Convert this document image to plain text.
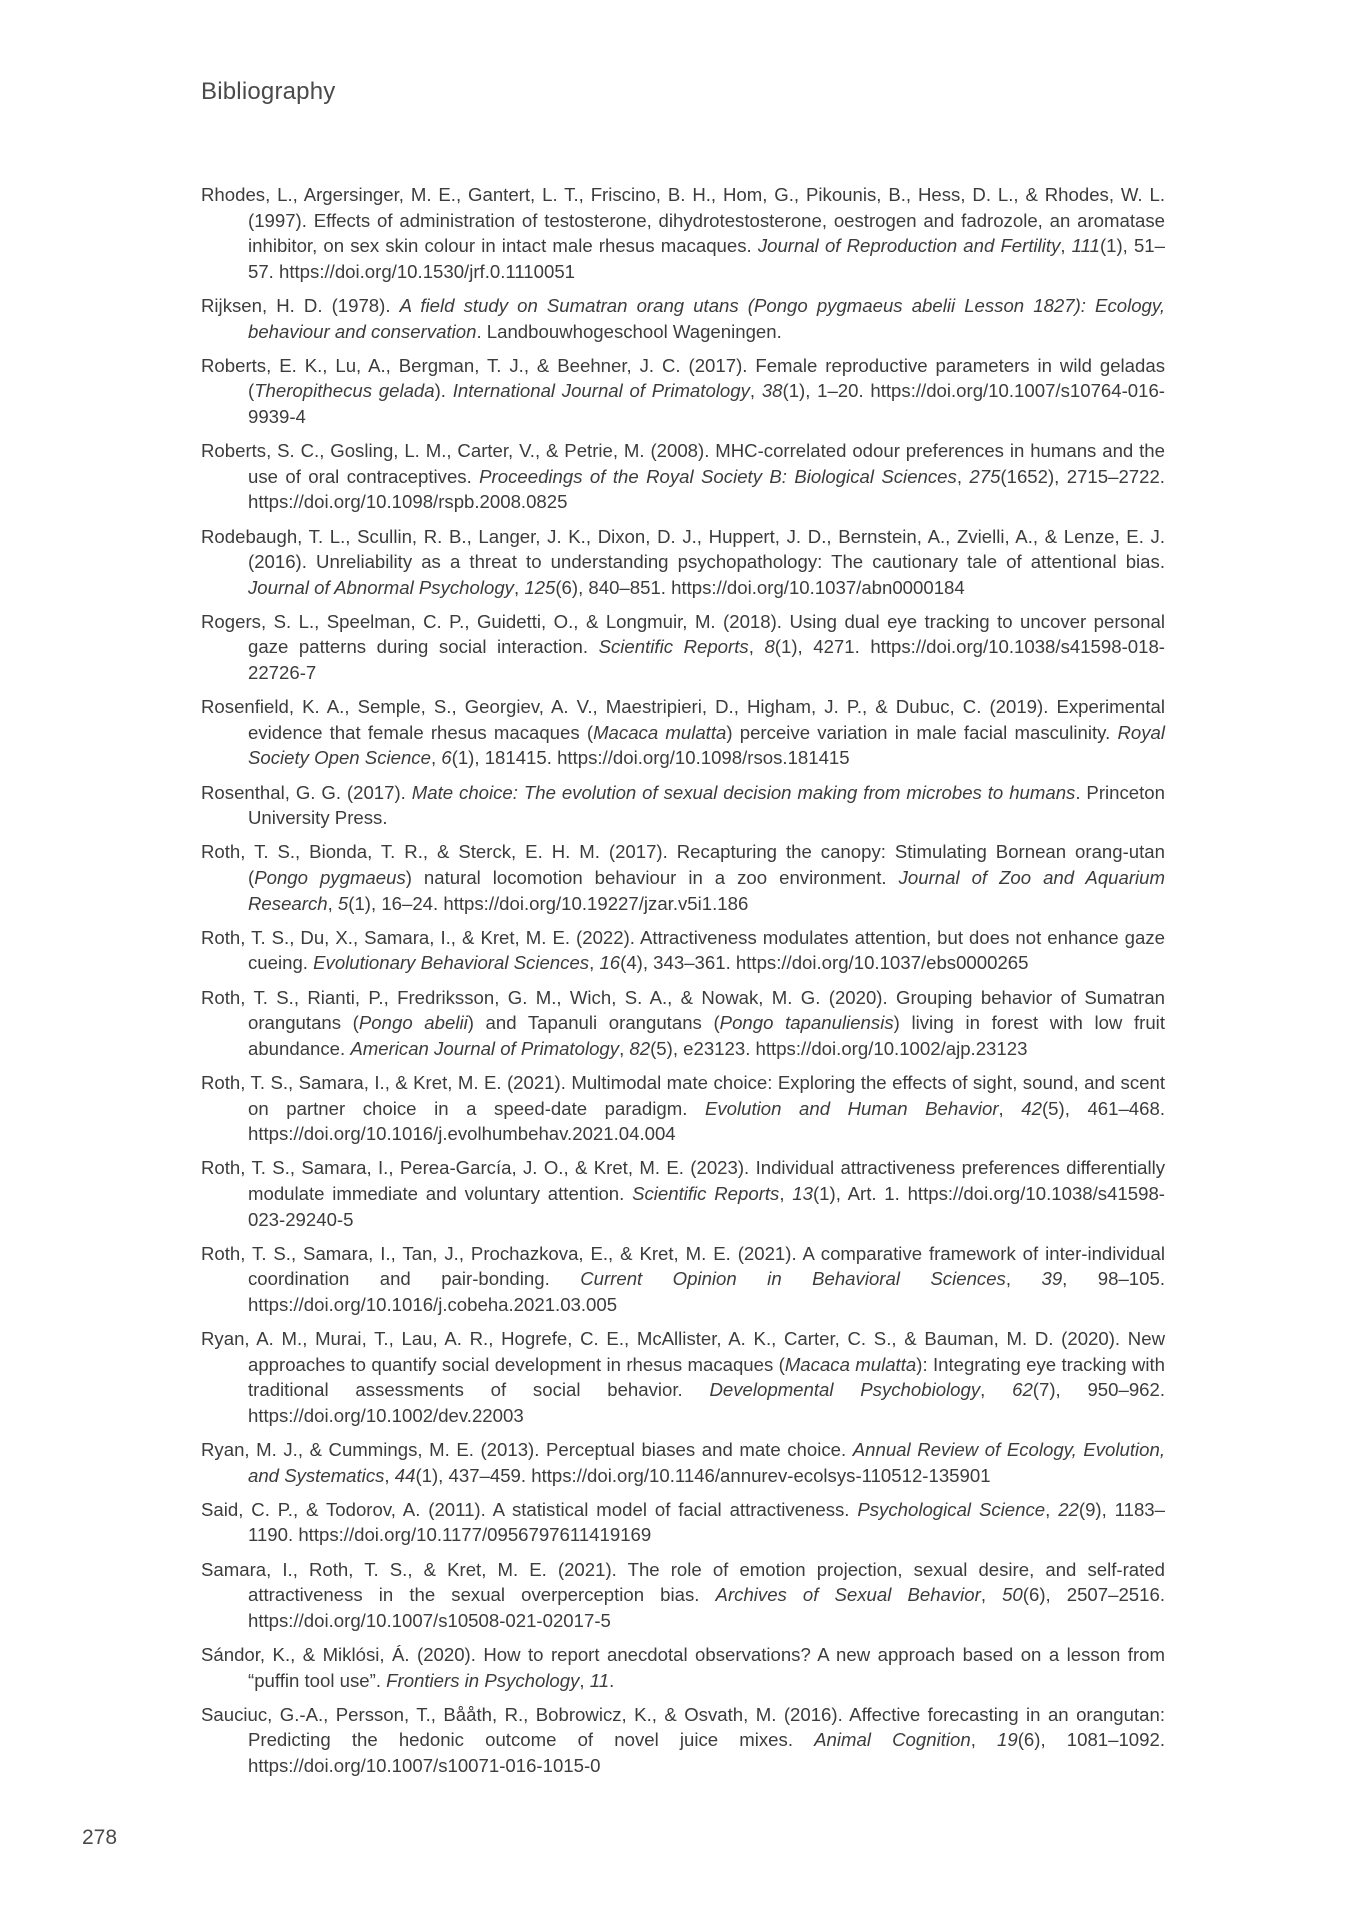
Bibliography
Rhodes, L., Argersinger, M. E., Gantert, L. T., Friscino, B. H., Hom, G., Pikounis, B., Hess, D. L., & Rhodes, W. L. (1997). Effects of administration of testosterone, dihydrotestosterone, oestrogen and fadrozole, an aromatase inhibitor, on sex skin colour in intact male rhesus macaques. Journal of Reproduction and Fertility, 111(1), 51–57. https://doi.org/10.1530/jrf.0.1110051
Rijksen, H. D. (1978). A field study on Sumatran orang utans (Pongo pygmaeus abelii Lesson 1827): Ecology, behaviour and conservation. Landbouwhogeschool Wageningen.
Roberts, E. K., Lu, A., Bergman, T. J., & Beehner, J. C. (2017). Female reproductive parameters in wild geladas (Theropithecus gelada). International Journal of Primatology, 38(1), 1–20. https://doi.org/10.1007/s10764-016-9939-4
Roberts, S. C., Gosling, L. M., Carter, V., & Petrie, M. (2008). MHC-correlated odour preferences in humans and the use of oral contraceptives. Proceedings of the Royal Society B: Biological Sciences, 275(1652), 2715–2722. https://doi.org/10.1098/rspb.2008.0825
Rodebaugh, T. L., Scullin, R. B., Langer, J. K., Dixon, D. J., Huppert, J. D., Bernstein, A., Zvielli, A., & Lenze, E. J. (2016). Unreliability as a threat to understanding psychopathology: The cautionary tale of attentional bias. Journal of Abnormal Psychology, 125(6), 840–851. https://doi.org/10.1037/abn0000184
Rogers, S. L., Speelman, C. P., Guidetti, O., & Longmuir, M. (2018). Using dual eye tracking to uncover personal gaze patterns during social interaction. Scientific Reports, 8(1), 4271. https://doi.org/10.1038/s41598-018-22726-7
Rosenfield, K. A., Semple, S., Georgiev, A. V., Maestripieri, D., Higham, J. P., & Dubuc, C. (2019). Experimental evidence that female rhesus macaques (Macaca mulatta) perceive variation in male facial masculinity. Royal Society Open Science, 6(1), 181415. https://doi.org/10.1098/rsos.181415
Rosenthal, G. G. (2017). Mate choice: The evolution of sexual decision making from microbes to humans. Princeton University Press.
Roth, T. S., Bionda, T. R., & Sterck, E. H. M. (2017). Recapturing the canopy: Stimulating Bornean orang-utan (Pongo pygmaeus) natural locomotion behaviour in a zoo environment. Journal of Zoo and Aquarium Research, 5(1), 16–24. https://doi.org/10.19227/jzar.v5i1.186
Roth, T. S., Du, X., Samara, I., & Kret, M. E. (2022). Attractiveness modulates attention, but does not enhance gaze cueing. Evolutionary Behavioral Sciences, 16(4), 343–361. https://doi.org/10.1037/ebs0000265
Roth, T. S., Rianti, P., Fredriksson, G. M., Wich, S. A., & Nowak, M. G. (2020). Grouping behavior of Sumatran orangutans (Pongo abelii) and Tapanuli orangutans (Pongo tapanuliensis) living in forest with low fruit abundance. American Journal of Primatology, 82(5), e23123. https://doi.org/10.1002/ajp.23123
Roth, T. S., Samara, I., & Kret, M. E. (2021). Multimodal mate choice: Exploring the effects of sight, sound, and scent on partner choice in a speed-date paradigm. Evolution and Human Behavior, 42(5), 461–468. https://doi.org/10.1016/j.evolhumbehav.2021.04.004
Roth, T. S., Samara, I., Perea-García, J. O., & Kret, M. E. (2023). Individual attractiveness preferences differentially modulate immediate and voluntary attention. Scientific Reports, 13(1), Art. 1. https://doi.org/10.1038/s41598-023-29240-5
Roth, T. S., Samara, I., Tan, J., Prochazkova, E., & Kret, M. E. (2021). A comparative framework of inter-individual coordination and pair-bonding. Current Opinion in Behavioral Sciences, 39, 98–105. https://doi.org/10.1016/j.cobeha.2021.03.005
Ryan, A. M., Murai, T., Lau, A. R., Hogrefe, C. E., McAllister, A. K., Carter, C. S., & Bauman, M. D. (2020). New approaches to quantify social development in rhesus macaques (Macaca mulatta): Integrating eye tracking with traditional assessments of social behavior. Developmental Psychobiology, 62(7), 950–962. https://doi.org/10.1002/dev.22003
Ryan, M. J., & Cummings, M. E. (2013). Perceptual biases and mate choice. Annual Review of Ecology, Evolution, and Systematics, 44(1), 437–459. https://doi.org/10.1146/annurev-ecolsys-110512-135901
Said, C. P., & Todorov, A. (2011). A statistical model of facial attractiveness. Psychological Science, 22(9), 1183–1190. https://doi.org/10.1177/0956797611419169
Samara, I., Roth, T. S., & Kret, M. E. (2021). The role of emotion projection, sexual desire, and self-rated attractiveness in the sexual overperception bias. Archives of Sexual Behavior, 50(6), 2507–2516. https://doi.org/10.1007/s10508-021-02017-5
Sándor, K., & Miklósi, Á. (2020). How to report anecdotal observations? A new approach based on a lesson from “puffin tool use”. Frontiers in Psychology, 11.
Sauciuc, G.-A., Persson, T., Bååth, R., Bobrowicz, K., & Osvath, M. (2016). Affective forecasting in an orangutan: Predicting the hedonic outcome of novel juice mixes. Animal Cognition, 19(6), 1081–1092. https://doi.org/10.1007/s10071-016-1015-0
278
